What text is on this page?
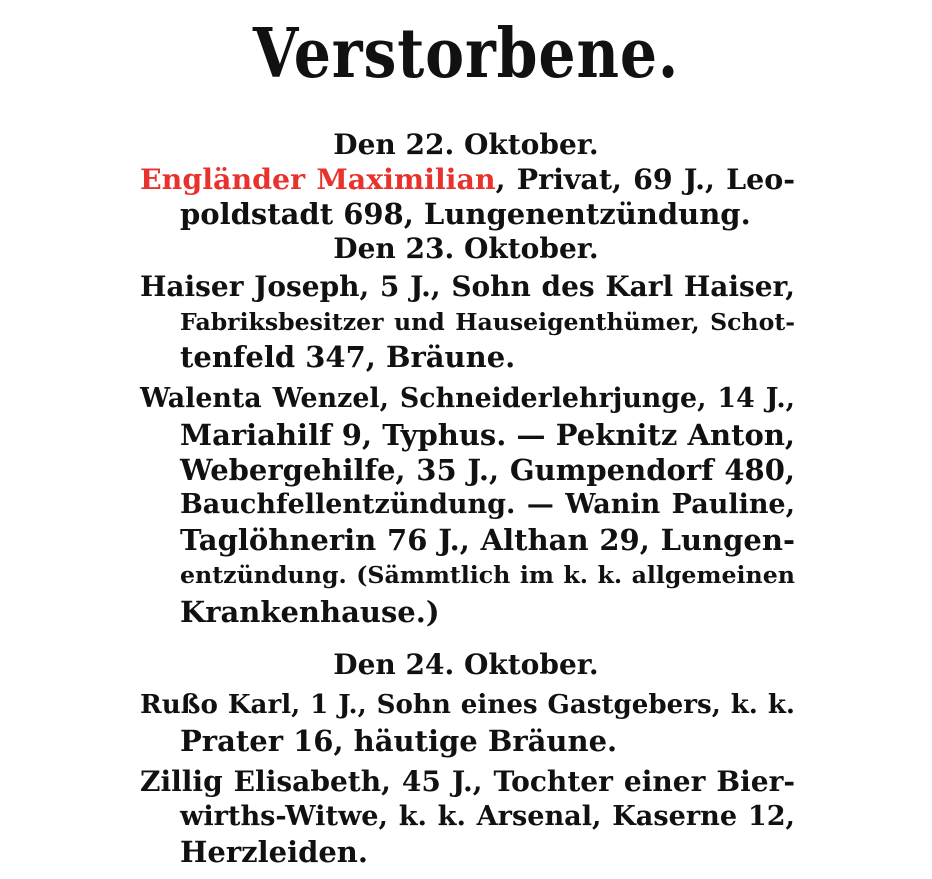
Verstorbene.
Den 22. Oktober.
Engländer Maximilian, Privat, 69 J., Leo-
poldstadt 698, Lungenentzündung.
Den 23. Oktober.
Haiser Joseph, 5 J., Sohn des Karl Haiser,
Fabriksbesitzer und Hauseigenthümer, Schot-
tenfeld 347, Bräune.
Walenta Wenzel, Schneiderlehrjunge, 14 J.,
Mariahilf 9, Typhus. — Peknitz Anton,
Webergehilfe, 35 J., Gumpendorf 480,
Bauchfellentzündung. — Wanin Pauline,
Taglöhnerin 76 J., Althan 29, Lungen-
entzündung. (Sämmtlich im k. k. allgemeinen
Krankenhause.)
Den 24. Oktober.
Rußo Karl, 1 J., Sohn eines Gastgebers, k. k.
Prater 16, häutige Bräune.
Zillig Elisabeth, 45 J., Tochter einer Bier-
wirths-Witwe, k. k. Arsenal, Kaserne 12,
Herzleiden.
